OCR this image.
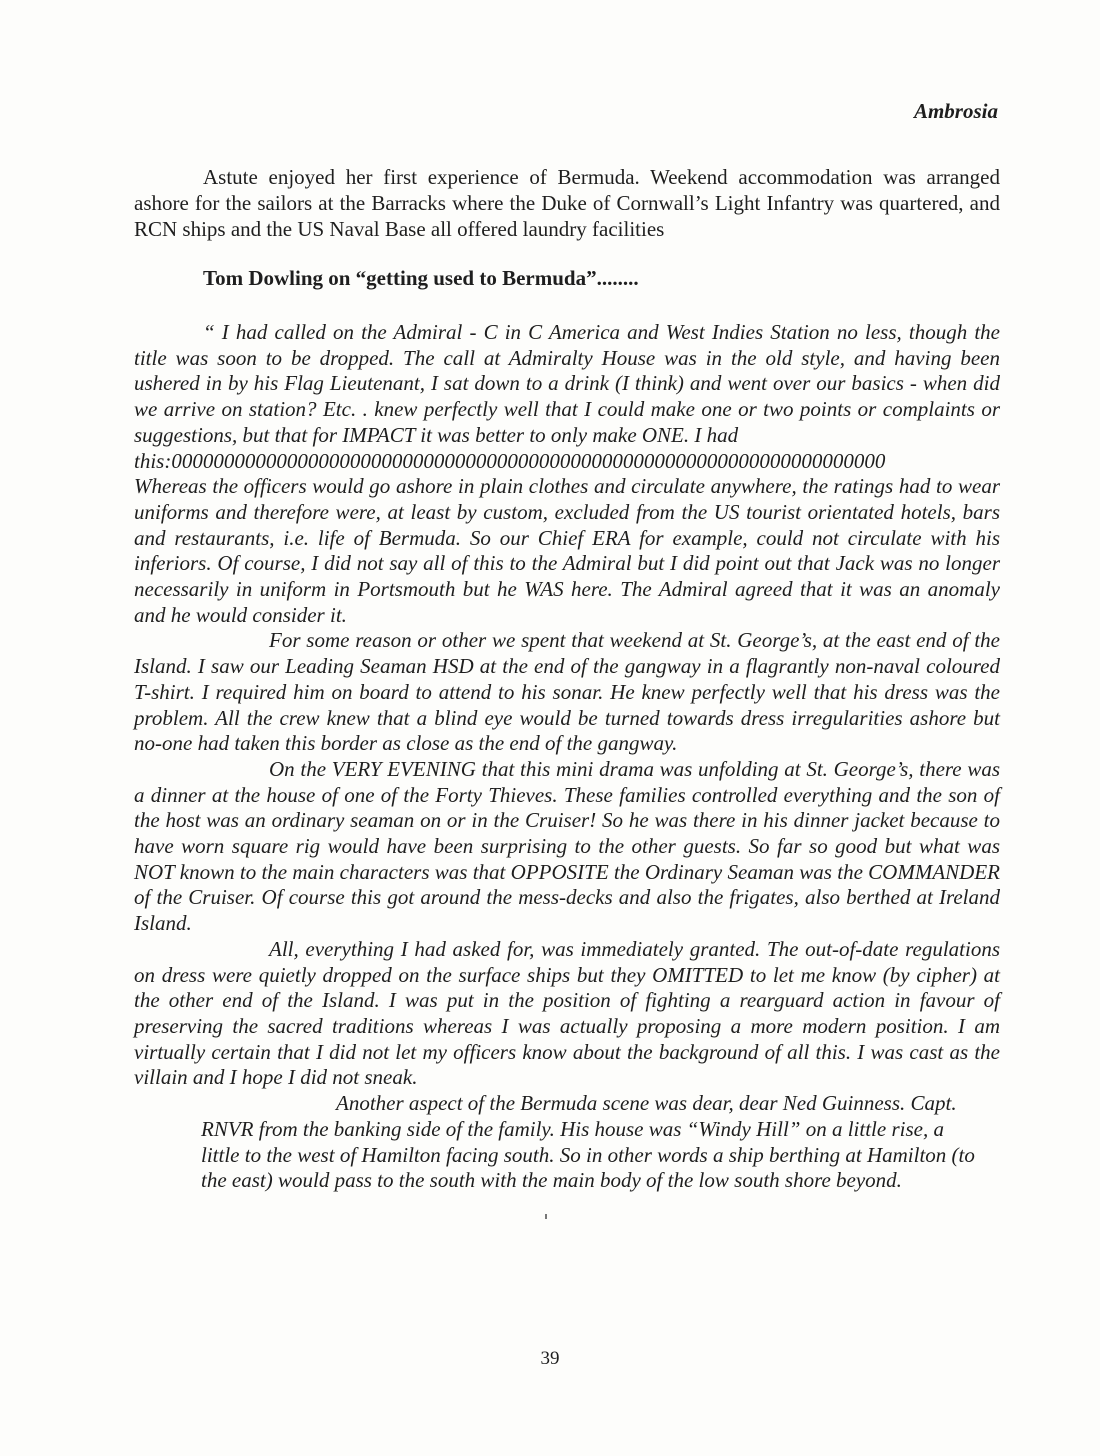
Ambrosia

Astute enjoyed her first experience of Bermuda. Weekend accommodation was arranged ashore for the sailors at the Barracks where the Duke of Cornwall’s Light Infantry was quartered, and RCN ships and the US Naval Base all offered laundry facilities

Tom Dowling on “getting used to Bermuda”........

“ I had called on the Admiral - C in C America and West Indies Station no less, though the title was soon to be dropped. The call at Admiralty House was in the old style, and having been ushered in by his Flag Lieutenant, I sat down to a drink (I think) and went over our basics - when did we arrive on station? Etc. . knew perfectly well that I could make one or two points or complaints or suggestions, but that for IMPACT it was better to only make ONE. I had

this:00000000000000000000000000000000000000000000000000000000000000000000

Whereas the officers would go ashore in plain clothes and circulate anywhere, the ratings had to wear uniforms and therefore were, at least by custom, excluded from the US tourist orientated hotels, bars and restaurants, i.e. life of Bermuda. So our Chief ERA for example, could not circulate with his inferiors. Of course, I did not say all of this to the Admiral but I did point out that Jack was no longer necessarily in uniform in Portsmouth but he WAS here. The Admiral agreed that it was an anomaly and he would consider it.

For some reason or other we spent that weekend at St. George’s, at the east end of the Island. I saw our Leading Seaman HSD at the end of the gangway in a flagrantly non-naval coloured T-shirt. I required him on board to attend to his sonar. He knew perfectly well that his dress was the problem. All the crew knew that a blind eye would be turned towards dress irregularities ashore but no-one had taken this border as close as the end of the gangway.

On the VERY EVENING that this mini drama was unfolding at St. George’s, there was a dinner at the house of one of the Forty Thieves. These families controlled everything and the son of the host was an ordinary seaman on or in the Cruiser! So he was there in his dinner jacket because to have worn square rig would have been surprising to the other guests. So far so good but what was NOT known to the main characters was that OPPOSITE the Ordinary Seaman was the COMMANDER of the Cruiser. Of course this got around the mess-decks and also the frigates, also berthed at Ireland Island.

All, everything I had asked for, was immediately granted. The out-of-date regulations on dress were quietly dropped on the surface ships but they OMITTED to let me know (by cipher) at the other end of the Island. I was put in the position of fighting a rearguard action in favour of preserving the sacred traditions whereas I was actually proposing a more modern position. I am virtually certain that I did not let my officers know about the background of all this. I was cast as the villain and I hope I did not sneak.

Another aspect of the Bermuda scene was dear, dear Ned Guinness. Capt. RNVR from the banking side of the family. His house was “Windy Hill” on a little rise, a little to the west of Hamilton facing south. So in other words a ship berthing at Hamilton (to the east) would pass to the south with the main body of the low south shore beyond.

39
